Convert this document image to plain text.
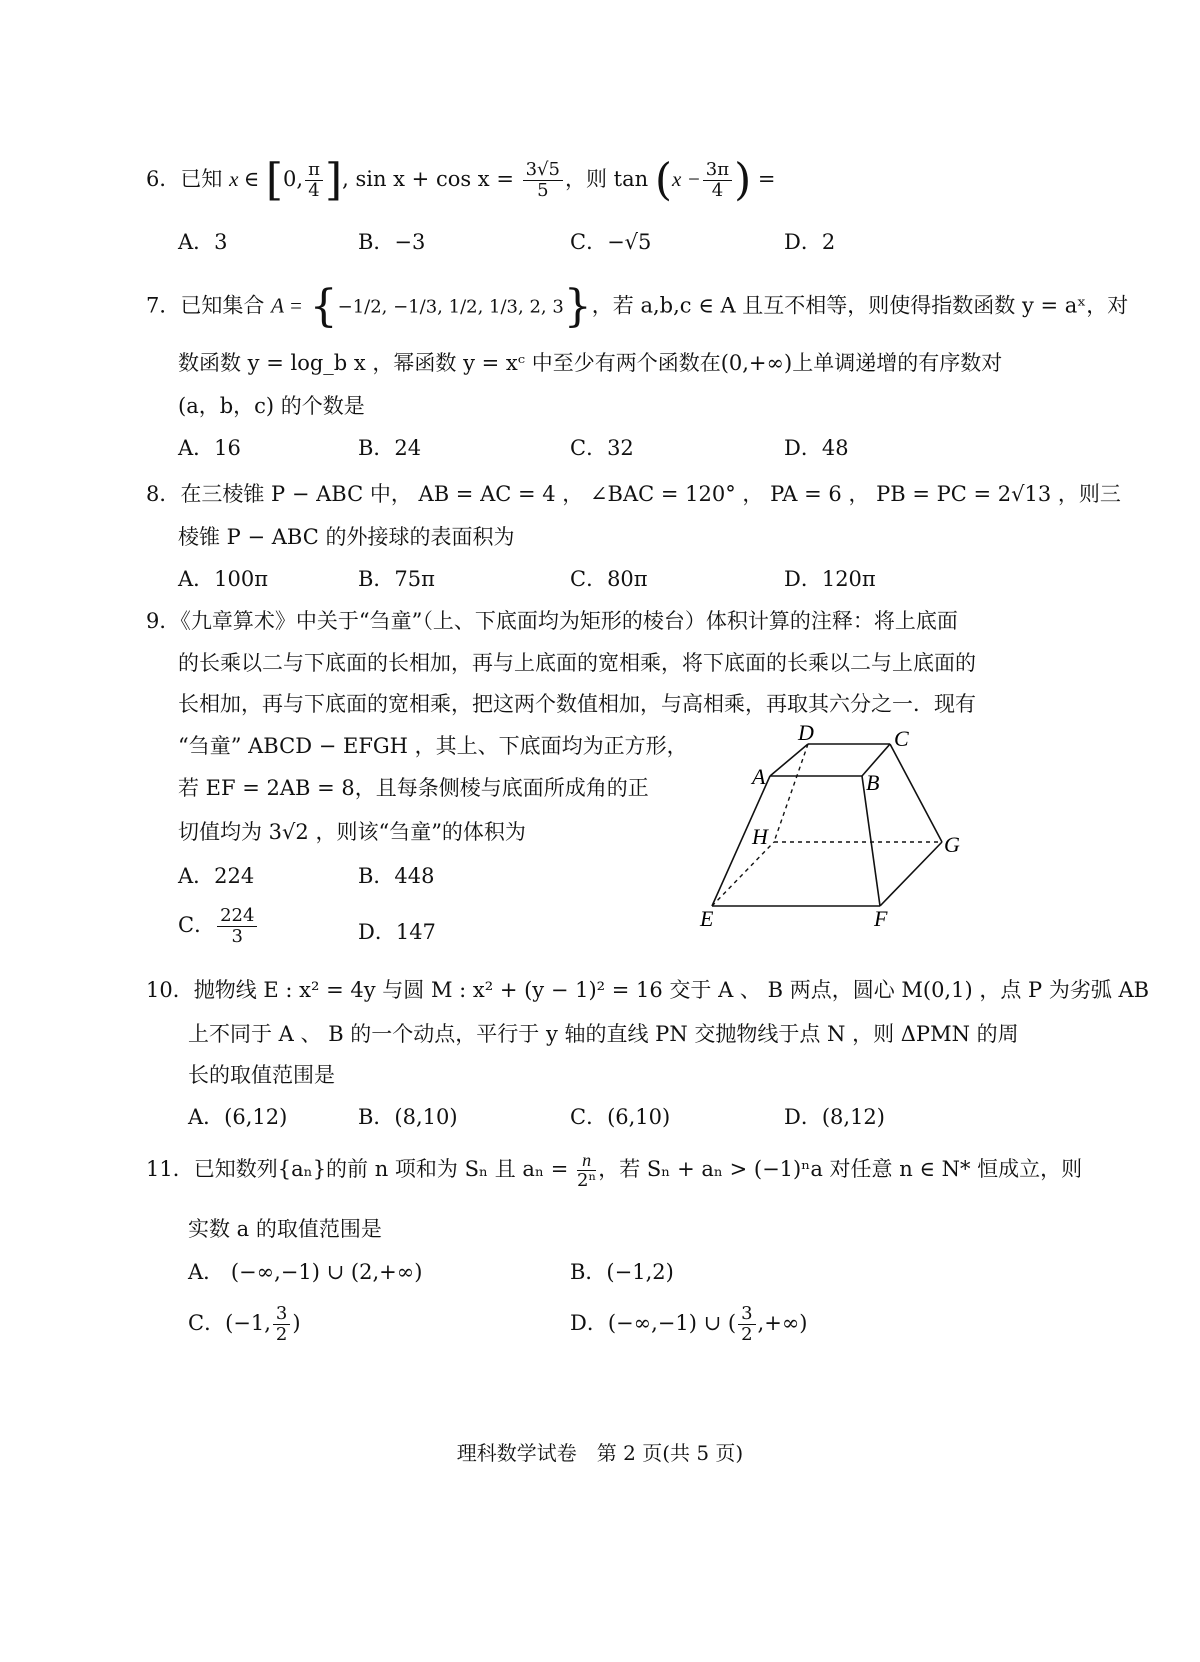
6．已知 x ∈ [0, $\frac{\pi}{4}$ ], $\sin x + \cos x = \frac{3√5}{5}$ ，则 $\tan (x - \frac{3\pi}{4}$ ) =
A．3	B．−3	C．−√5	D．2
7．已知集合 A = {−1/2, −1/3, 1/2, 1/3, 2, 3}，若 a,b,c ∈ A 且互不相等，则使得指数函数 y = aˣ，对
数函数 y = log_b x ，幂函数 y = xᶜ 中至少有两个函数在(0,+∞)上单调递增的有序数对
(a，b，c) 的个数是
A．16	B．24	C．32	D．48
8．在三棱锥 P − ABC 中， AB = AC = 4 ， ∠BAC = 120° ， PA = 6 ， PB = PC = 2√13 ，则三
棱锥 P − ABC 的外接球的表面积为
A．100π	B．75π	C．80π	D．120π
9．《九章算术》中关于“刍童”（上、下底面均为矩形的棱台）体积计算的注释：将上底面
的长乘以二与下底面的长相加，再与上底面的宽相乘，将下底面的长乘以二与上底面的
长相加，再与下底面的宽相乘，把这两个数值相加，与高相乘，再取其六分之一．现有
“刍童” ABCD − EFGH ，其上、下底面均为正方形，
若 EF = 2AB = 8，且每条侧棱与底面所成角的正
切值均为 3√2 ，则该“刍童”的体积为
A．224	B．448
C． $\frac{224}{3}$	D．147
D	C
A	B
H	G
E	F
10．抛物线 E : x² = 4y 与圆 M : x² + (y − 1)² = 16 交于 A 、 B 两点，圆心 M(0,1) ，点 P 为劣弧 AB
上不同于 A 、 B 的一个动点，平行于 y 轴的直线 PN 交抛物线于点 N ，则 ΔPMN 的周
长的取值范围是
A．(6,12)	B．(8,10)	C．(6,10)	D．(8,12)
11．已知数列{aₙ}的前 n 项和为 Sₙ 且 $a_n = \frac{n}{\text{2ⁿ}}$ ，若 Sₙ + aₙ > (−1)ⁿa 对任意 n ∈ N* 恒成立，则
实数 a 的取值范围是
A． (−∞,−1) ∪ (2,+∞)	B．(−1,2)
C．(−1, $\frac{3}{2}$ )	D．(−∞,−1) ∪ ( $\frac{3}{2}$ ,+∞)
理科数学试卷　第 2 页(共 5 页)
